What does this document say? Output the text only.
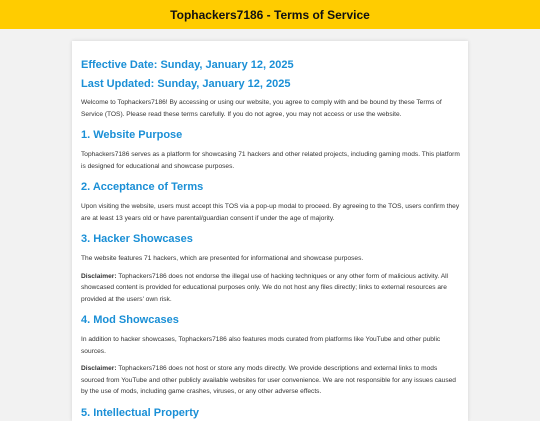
Tophackers7186 - Terms of Service
Effective Date: Sunday, January 12, 2025
Last Updated: Sunday, January 12, 2025

Welcome to Tophackers7186! By accessing or using our website, you agree to comply with and be bound by these Terms of Service (TOS). Please read these terms carefully. If you do not agree, you may not access or use the website.

1. Website Purpose

Tophackers7186 serves as a platform for showcasing 71 hackers and other related projects, including gaming mods. This platform is designed for educational and showcase purposes.

2. Acceptance of Terms

Upon visiting the website, users must accept this TOS via a pop-up modal to proceed. By agreeing to the TOS, users confirm they are at least 13 years old or have parental/guardian consent if under the age of majority.

3. Hacker Showcases

The website features 71 hackers, which are presented for informational and showcase purposes.

Disclaimer: Tophackers7186 does not endorse the illegal use of hacking techniques or any other form of malicious activity. All showcased content is provided for educational purposes only. We do not host any files directly; links to external resources are provided at the users' own risk.

4. Mod Showcases

In addition to hacker showcases, Tophackers7186 also features mods curated from platforms like YouTube and other public sources.

Disclaimer: Tophackers7186 does not host or store any mods directly. We provide descriptions and external links to mods sourced from YouTube and other publicly available websites for user convenience. We are not responsible for any issues caused by the use of mods, including game crashes, viruses, or any other adverse effects.

5. Intellectual Property
